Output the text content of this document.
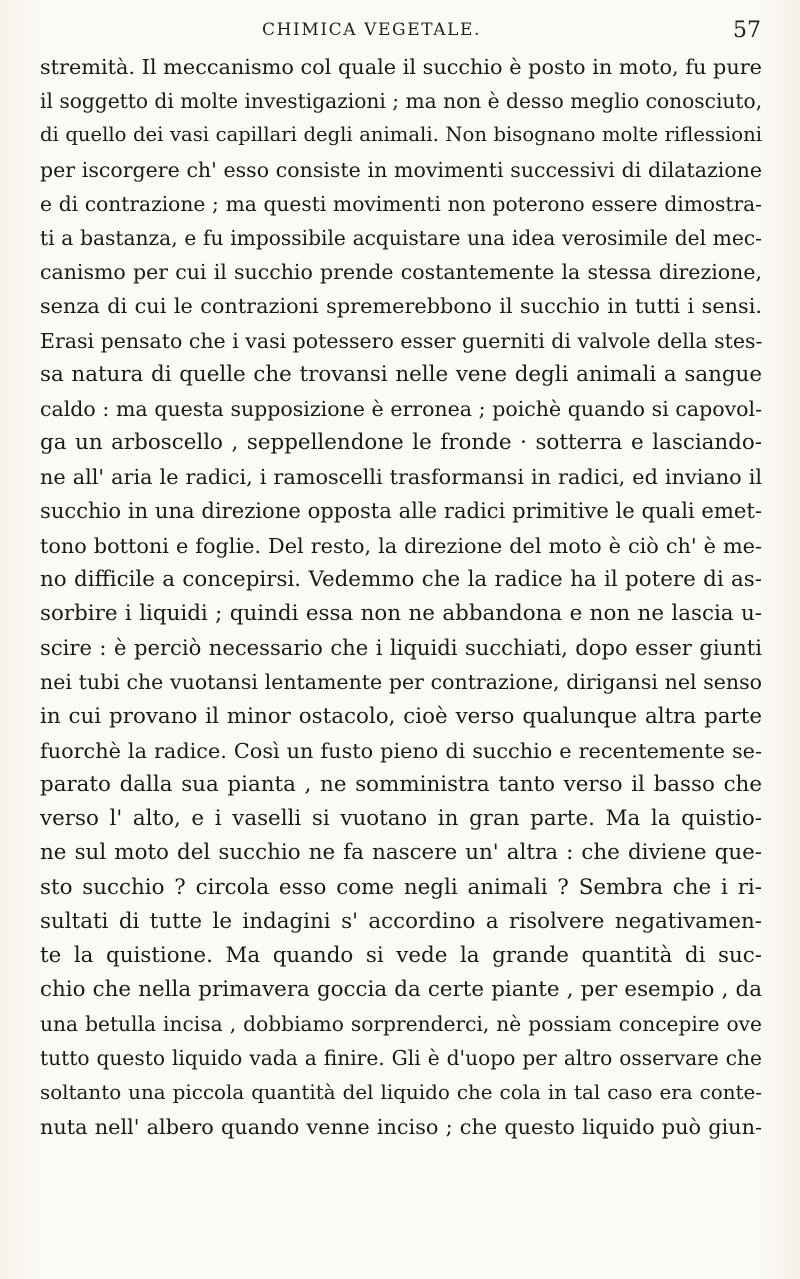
CHIMICA VEGETALE.	57
stremità. Il meccanismo col quale il succhio è posto in moto, fu pure
il soggetto di molte investigazioni ; ma non è desso meglio conosciuto,
di quello dei vasi capillari degli animali. Non bisognano molte riflessioni
per iscorgere ch' esso consiste in movimenti successivi di dilatazione
e di contrazione ; ma questi movimenti non poterono essere dimostra-
ti a bastanza, e fu impossibile acquistare una idea verosimile del mec-
canismo per cui il succhio prende costantemente la stessa direzione,
senza di cui le contrazioni spremerebbono il succhio in tutti i sensi.
Erasi pensato che i vasi potessero esser guerniti di valvole della stes-
sa natura di quelle che trovansi nelle vene degli animali a sangue
caldo : ma questa supposizione è erronea ; poichè quando si capovol-
ga un arboscello , seppellendone le fronde · sotterra e lasciando-
ne all' aria le radici, i ramoscelli trasformansi in radici, ed inviano il
succhio in una direzione opposta alle radici primitive le quali emet-
tono bottoni e foglie. Del resto, la direzione del moto è ciò ch' è me-
no difficile a concepirsi. Vedemmo che la radice ha il potere di as-
sorbire i liquidi ; quindi essa non ne abbandona e non ne lascia u-
scire : è perciò necessario che i liquidi succhiati, dopo esser giunti
nei tubi che vuotansi lentamente per contrazione, dirigansi nel senso
in cui provano il minor ostacolo, cioè verso qualunque altra parte
fuorchè la radice. Così un fusto pieno di succhio e recentemente se-
parato dalla sua pianta , ne somministra tanto verso il basso che
verso l' alto, e i vaselli si vuotano in gran parte. Ma la quistio-
ne sul moto del succhio ne fa nascere un' altra : che diviene que-
sto succhio ? circola esso come negli animali ? Sembra che i ri-
sultati di tutte le indagini s' accordino a risolvere negativamen-
te la quistione. Ma quando si vede la grande quantità di suc-
chio che nella primavera goccia da certe piante , per esempio , da
una betulla incisa , dobbiamo sorprenderci, nè possiam concepire ove
tutto questo liquido vada a finire. Gli è d'uopo per altro osservare che
soltanto una piccola quantità del liquido che cola in tal caso era conte-
nuta nell' albero quando venne inciso ; che questo liquido può giun-
